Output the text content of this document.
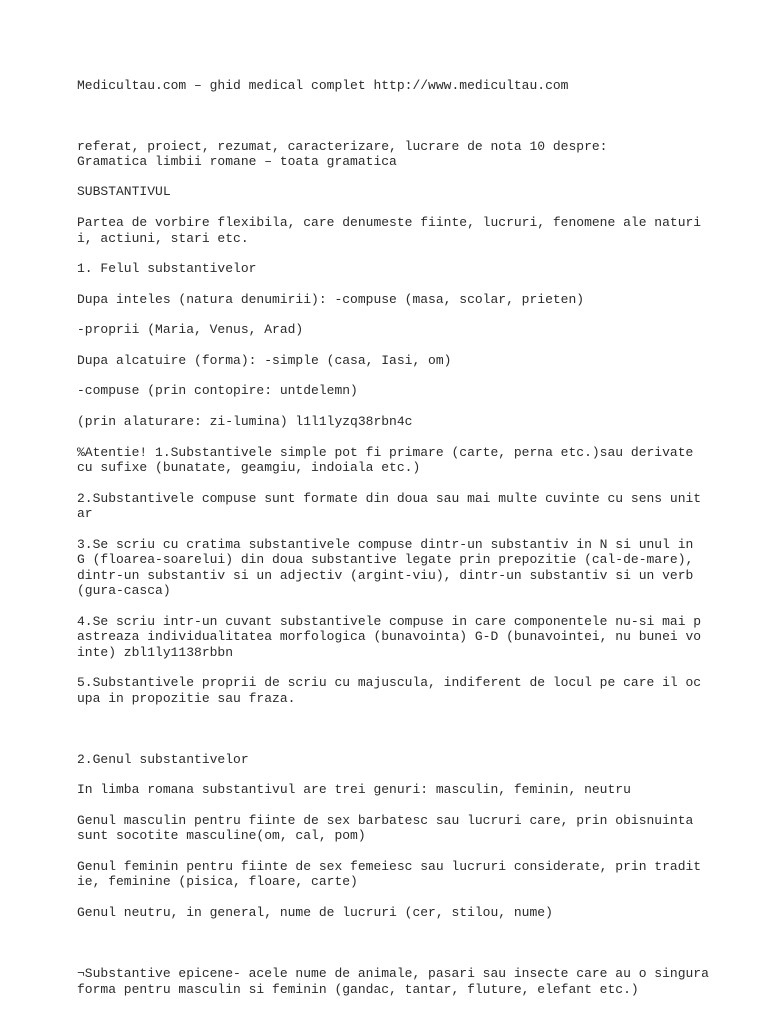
Medicultau.com – ghid medical complet http://www.medicultau.com

referat, proiect, rezumat, caracterizare, lucrare de nota 10 despre:

Gramatica limbii romane – toata gramatica

SUBSTANTIVUL

Partea de vorbire flexibila, care denumeste fiinte, lucruri, fenomene ale naturi

i, actiuni, stari etc.

1. Felul substantivelor

Dupa inteles (natura denumirii): -compuse (masa, scolar, prieten)

-proprii (Maria, Venus, Arad)

Dupa alcatuire (forma): -simple (casa, Iasi, om)

-compuse (prin contopire: untdelemn)

(prin alaturare: zi-lumina) l1l1lyzq38rbn4c

%Atentie! 1.Substantivele simple pot fi primare (carte, perna etc.)sau derivate

cu sufixe (bunatate, geamgiu, indoiala etc.)

2.Substantivele compuse sunt formate din doua sau mai multe cuvinte cu sens unit

ar

3.Se scriu cu cratima substantivele compuse dintr-un substantiv in N si unul in

G (floarea-soarelui) din doua substantive legate prin prepozitie (cal-de-mare),

dintr-un substantiv si un adjectiv (argint-viu), dintr-un substantiv si un verb

(gura-casca)

4.Se scriu intr-un cuvant substantivele compuse in care componentele nu-si mai p

astreaza individualitatea morfologica (bunavointa) G-D (bunavointei, nu bunei vo

inte) zbl1ly1138rbbn

5.Substantivele proprii de scriu cu majuscula, indiferent de locul pe care il oc

upa in propozitie sau fraza.

2.Genul substantivelor

In limba romana substantivul are trei genuri: masculin, feminin, neutru

Genul masculin pentru fiinte de sex barbatesc sau lucruri care, prin obisnuinta

sunt socotite masculine(om, cal, pom)

Genul feminin pentru fiinte de sex femeiesc sau lucruri considerate, prin tradit

ie, feminine (pisica, floare, carte)

Genul neutru, in general, nume de lucruri (cer, stilou, nume)

¬Substantive epicene- acele nume de animale, pasari sau insecte care au o singura

forma pentru masculin si feminin (gandac, tantar, fluture, elefant etc.)
